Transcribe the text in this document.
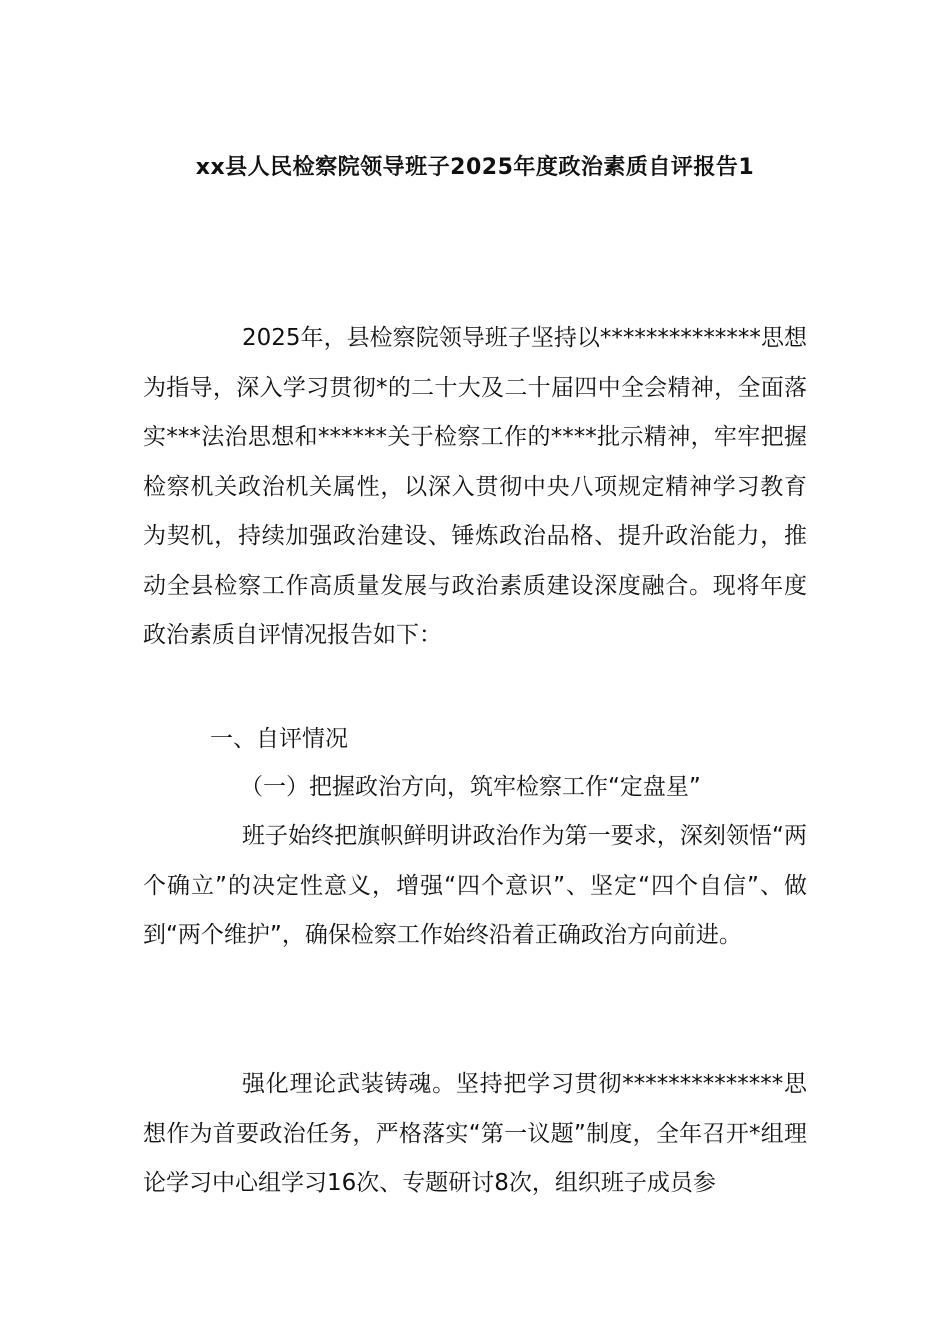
xx县人民检察院领导班子2025年度政治素质自评报告1

2025年，县检察院领导班子坚持以**************思想为指导，深入学习贯彻*的二十大及二十届四中全会精神，全面落实***法治思想和******关于检察工作的****批示精神，牢牢把握检察机关政治机关属性，以深入贯彻中央八项规定精神学习教育为契机，持续加强政治建设、锤炼政治品格、提升政治能力，推动全县检察工作高质量发展与政治素质建设深度融合。现将年度政治素质自评情况报告如下：

一、自评情况
（一）把握政治方向，筑牢检察工作“定盘星”

班子始终把旗帜鲜明讲政治作为第一要求，深刻领悟“两个确立”的决定性意义，增强“四个意识”、坚定“四个自信”、做到“两个维护”，确保检察工作始终沿着正确政治方向前进。

强化理论武装铸魂。坚持把学习贯彻**************思想作为首要政治任务，严格落实“第一议题”制度，全年召开*组理论学习中心组学习16次、专题研讨8次，组织班子成员参
